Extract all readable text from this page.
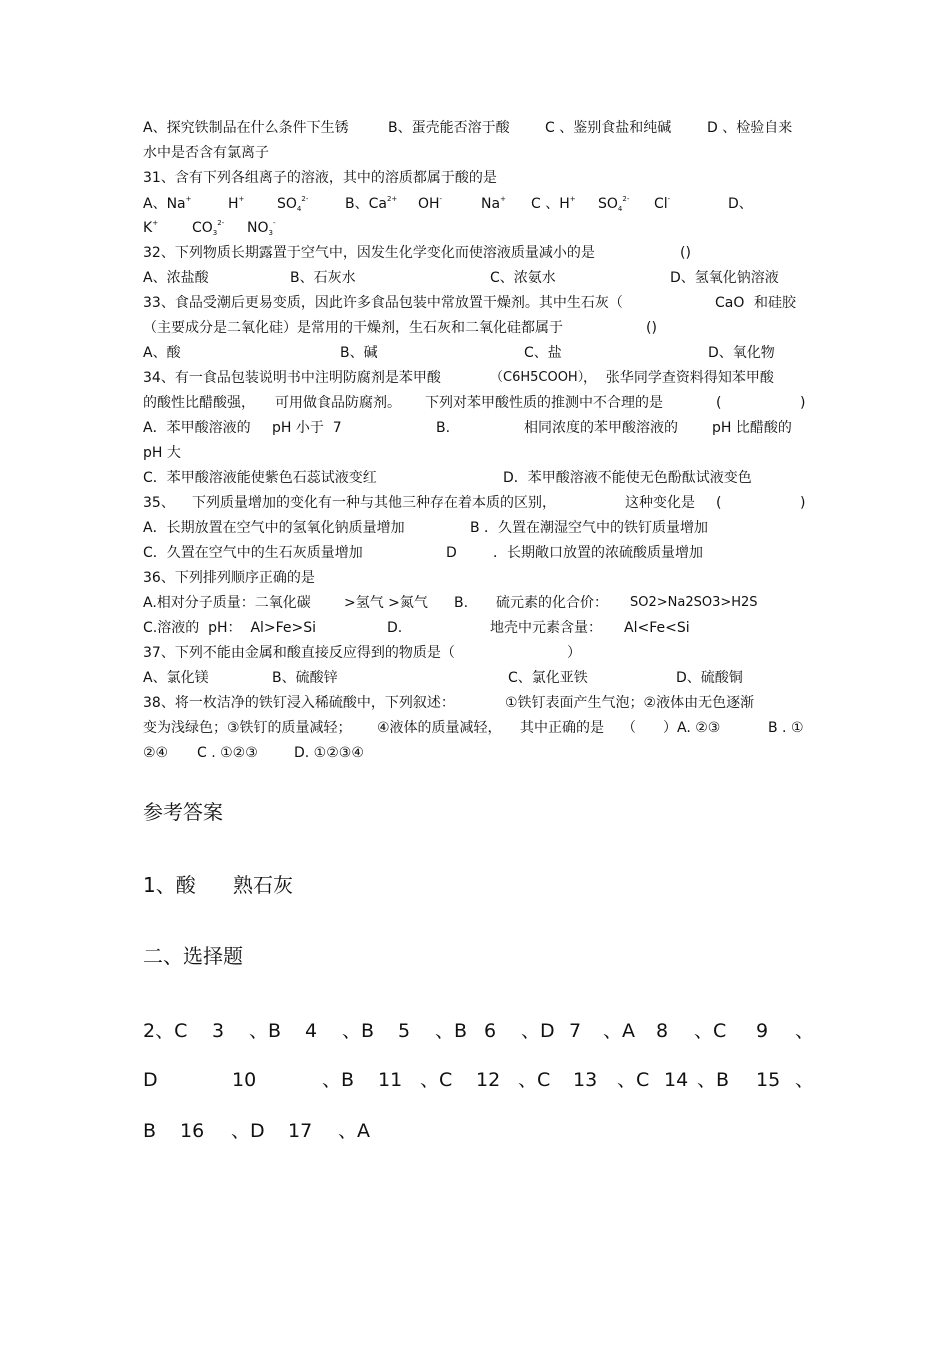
A、探究铁制品在什么条件下生锈	B、蛋壳能否溶于酸	C 、鉴别食盐和纯碱	D 、检验自来
水中是否含有氯离子
31、含有下列各组离子的溶液，其中的溶质都属于酸的是
A、Na+	H+ $SO_4^{2-}$	B、$Ca^{2+}$ OH-	Na+ C 、H+ $SO_4^{2-}$ Cl-	D、
K+ $CO_3^{2-}$ $NO_3^-$
32、下列物质长期露置于空气中，因发生化学变化而使溶液质量减小的是	()
A、浓盐酸	B、石灰水	C、浓氨水	D、氢氧化钠溶液
33、食品受潮后更易变质，因此许多食品包装中常放置干燥剂。其中生石灰（	CaO 和硅胶
（主要成分是二氧化硅）是常用的干燥剂，生石灰和二氧化硅都属于	()
A、酸	B、碱	C、盐	D、氧化物
34、有一食品包装说明书中注明防腐剂是苯甲酸	（C6H5COOH）
，  张华同学查资料得知苯甲酸
的酸性比醋酸强， 可用做食品防腐剂。 下列对苯甲酸性质的推测中不合理的是	(	)
A．苯甲酸溶液的 pH 小于  7	B.	相同浓度的苯甲酸溶液的 pH 比醋酸的
pH 大
C．苯甲酸溶液能使紫色石蕊试液变红	D．苯甲酸溶液不能使无色酚酞试液变色
35、 下列质量增加的变化有一种与其他三种存在着本质的区别，	这种变化是 (	)
A．长期放置在空气中的氢氧化钠质量增加	B ．久置在潮湿空气中的铁钉质量增加
C．久置在空气中的生石灰质量增加	D	．长期敞口放置的浓硫酸质量增加
36、下列排列顺序正确的是
A.相对分子质量：二氧化碳 >氢气 >氮气 B. 硫元素的化合价： SO2>Na2SO3>H2S
C.溶液的  pH：  Al>Fe>Si	D.	地壳中元素含量： Al<Fe<Si
37、下列不能由金属和酸直接反应得到的物质是（	）
A、氯化镁	B、硫酸锌	C、氯化亚铁	D、硫酸铜
38、将一枚洁净的铁钉浸入稀硫酸中，下列叙述：	①铁钉表面产生气泡；②液体由无色逐渐
变为浅绿色；③铁钉的质量减轻； ④液体的质量减轻， 其中正确的是 （ ）A. ②③	B . ①
②④ C . ①②③	D. ①②③④
参考答案
1、酸 熟石灰
二、选择题
2、C 3 、B 4 、B 5 、B 6 、D 7 、A 8 、C 9 、
D	10	、B 11 、C 12 、C 13 、C 14 、B 15 、
B 16 、D 17 、A
